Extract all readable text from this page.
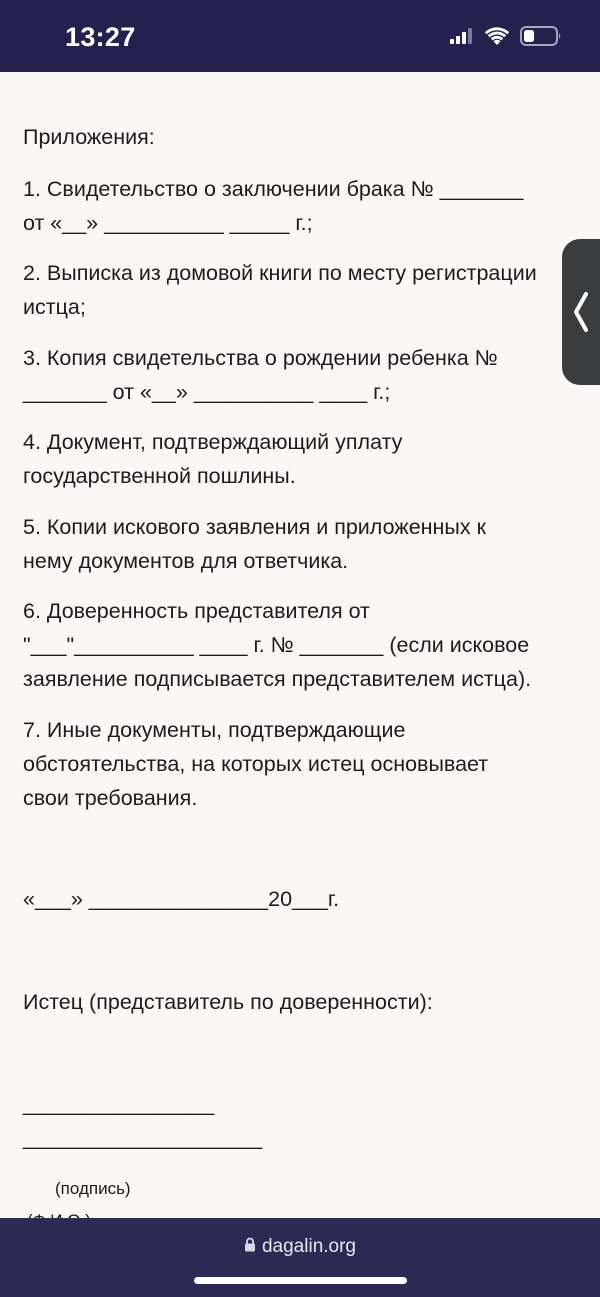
13:27
Приложения:
1. Свидетельство о заключении брака № _______
от «__» __________ _____ г.;
2. Выписка из домовой книги по месту регистрации
истца;
3. Копия свидетельства о рождении ребенка №
_______ от «__» __________ ____ г.;
4. Документ, подтверждающий уплату
государственной пошлины.
5. Копии искового заявления и приложенных к
нему документов для ответчика.
6. Доверенность представителя от
"___"__________ ____ г. № _______ (если исковое
заявление подписывается представителем истца).
7. Иные документы, подтверждающие
обстоятельства, на которых истец основывает
свои требования.
«___» _______________20___г.
Истец (представитель по доверенности):
________________
____________________
(подпись)
dagalin.org
